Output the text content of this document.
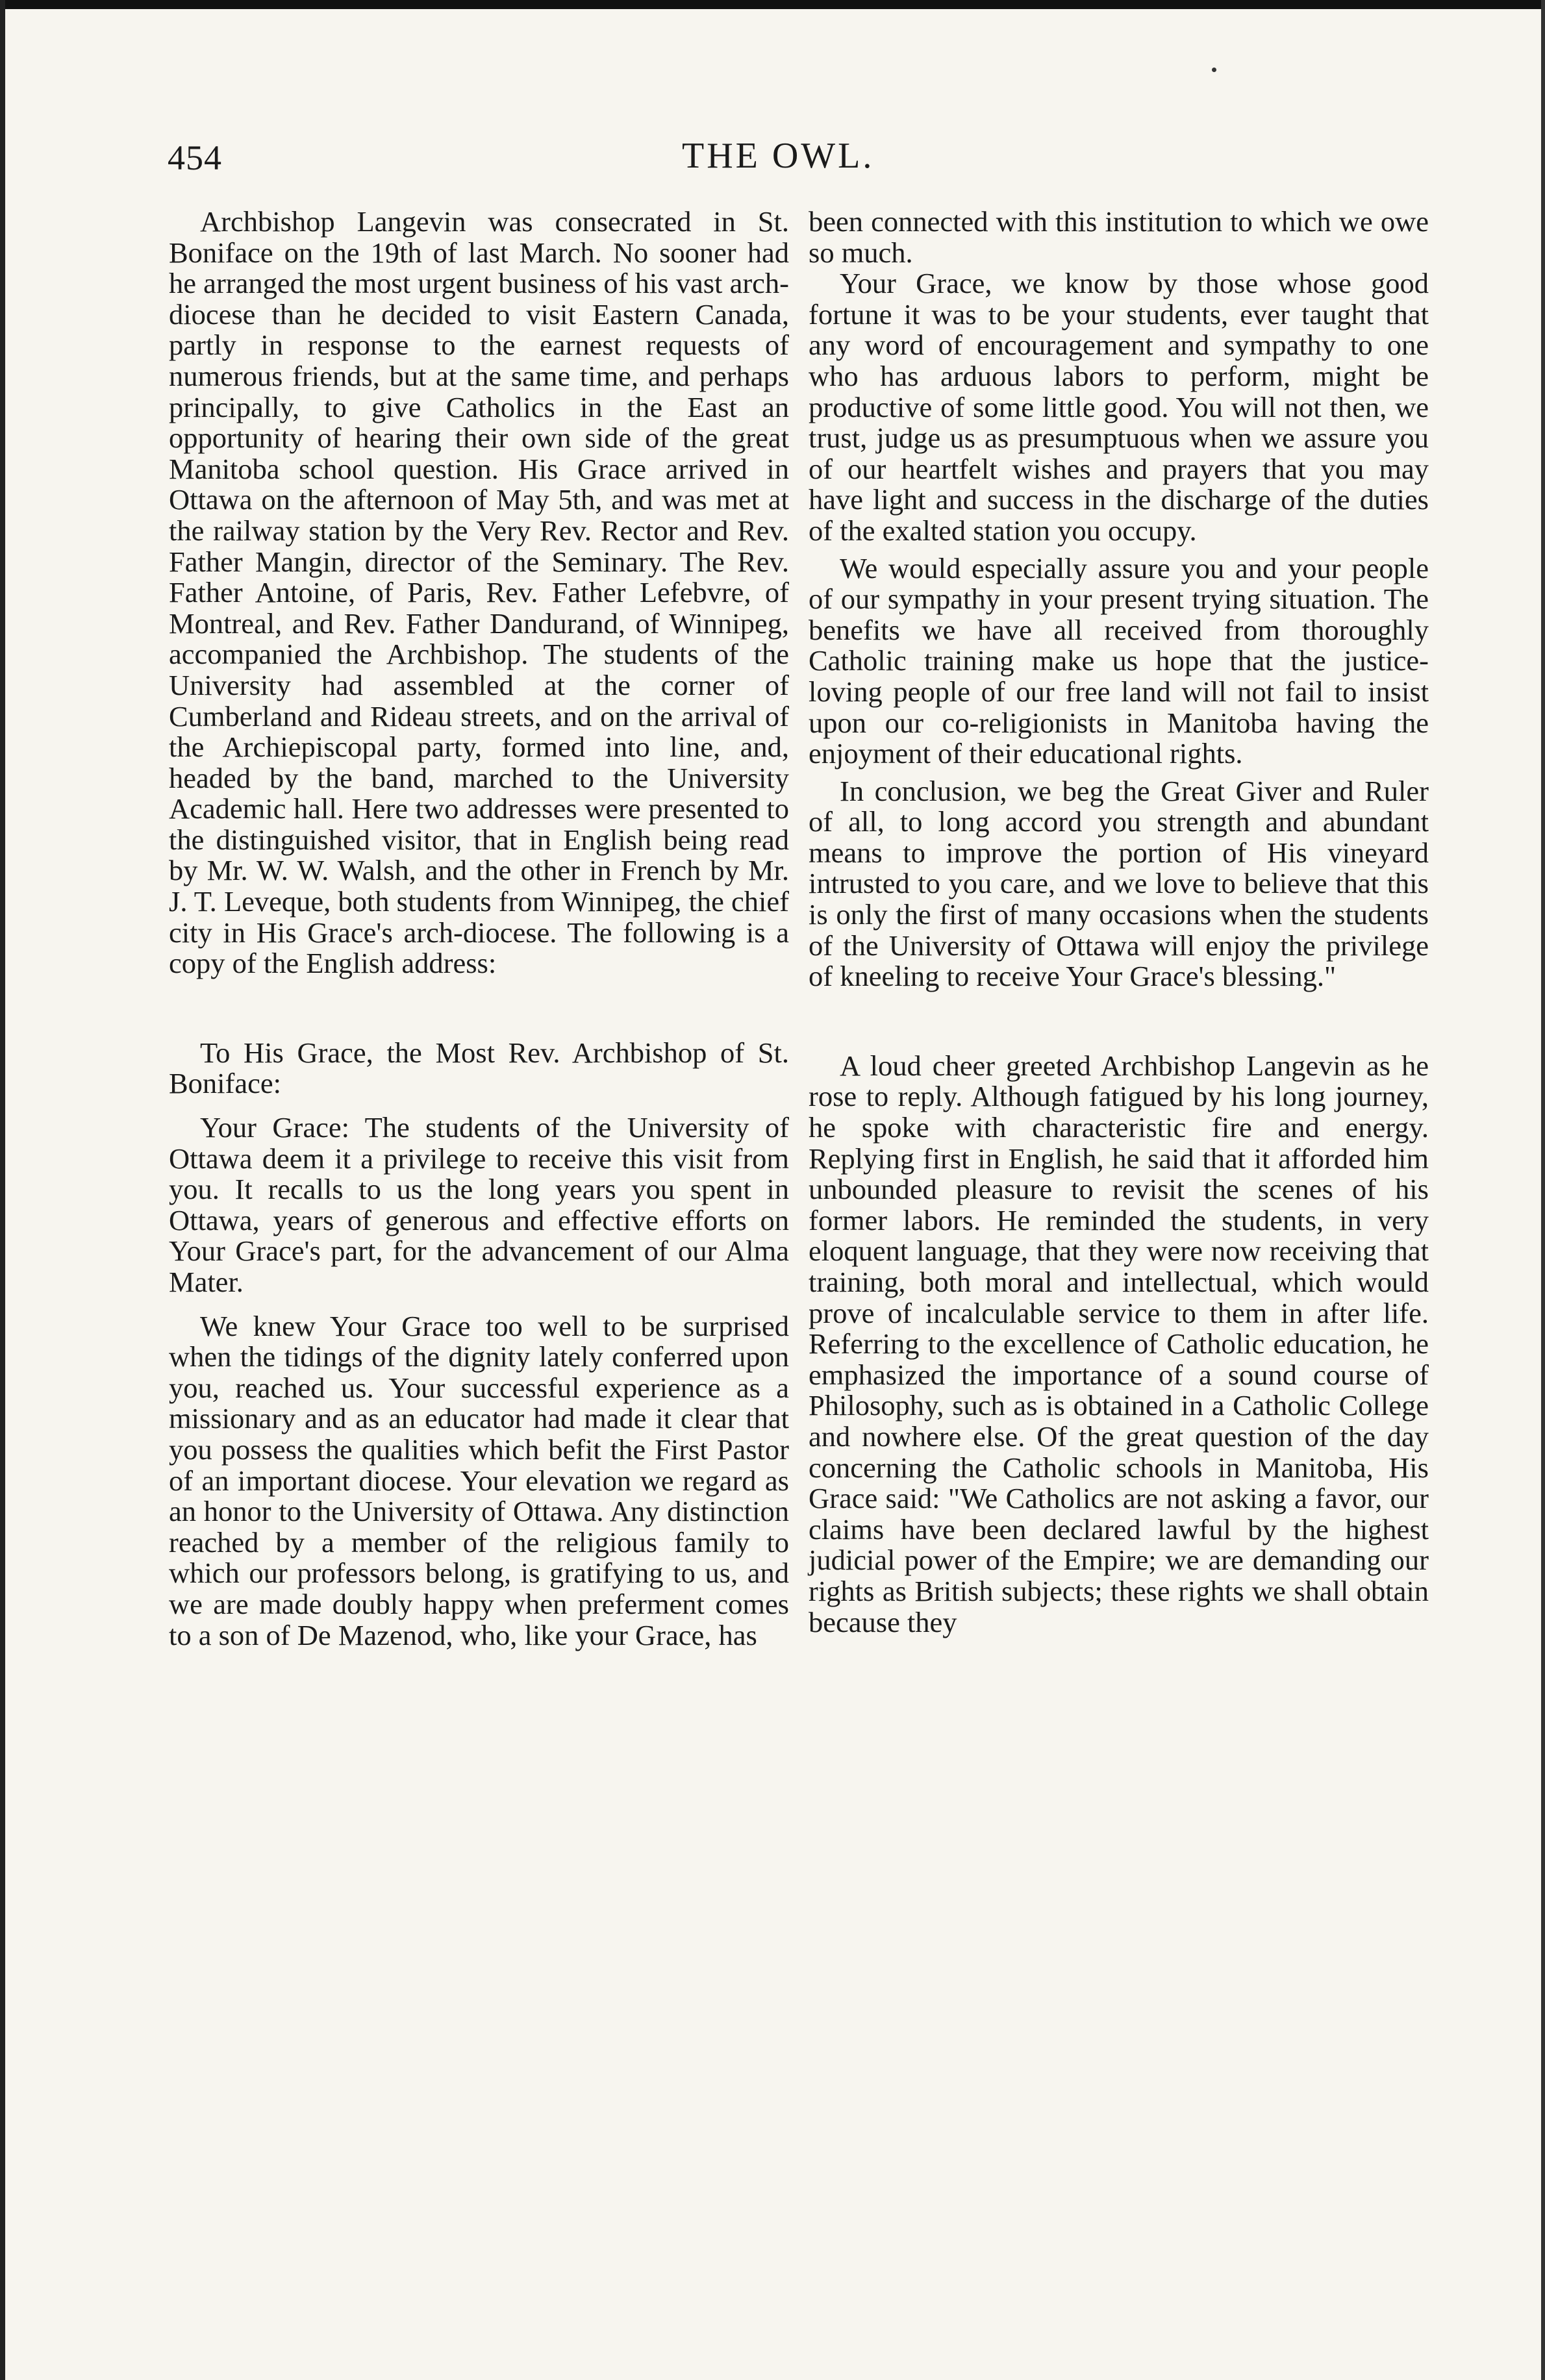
454	THE OWL.

Archbishop Langevin was consecrated in St. Boniface on the 19th of last March. No sooner had he arranged the most urgent business of his vast arch-diocese than he decided to visit Eastern Canada, partly in response to the earnest requests of numerous friends, but at the same time, and perhaps principally, to give Catholics in the East an opportunity of hearing their own side of the great Manitoba school question. His Grace arrived in Ottawa on the afternoon of May 5th, and was met at the railway station by the Very Rev. Rector and Rev. Father Mangin, director of the Seminary. The Rev. Father Antoine, of Paris, Rev. Father Lefebvre, of Montreal, and Rev. Father Dandurand, of Winnipeg, accompanied the Archbishop. The students of the University had assembled at the corner of Cumberland and Rideau streets, and on the arrival of the Archiepiscopal party, formed into line, and, headed by the band, marched to the University Academic hall. Here two addresses were presented to the distinguished visitor, that in English being read by Mr. W. W. Walsh, and the other in French by Mr. J. T. Leveque, both students from Winnipeg, the chief city in His Grace's arch-diocese. The following is a copy of the English address:

To His Grace, the Most Rev. Archbishop of St. Boniface:

Your Grace: The students of the University of Ottawa deem it a privilege to receive this visit from you. It recalls to us the long years you spent in Ottawa, years of generous and effective efforts on Your Grace's part, for the advancement of our Alma Mater.

We knew Your Grace too well to be surprised when the tidings of the dignity lately conferred upon you, reached us. Your successful experience as a missionary and as an educator had made it clear that you possess the qualities which befit the First Pastor of an important diocese. Your elevation we regard as an honor to the University of Ottawa. Any distinction reached by a member of the religious family to which our professors belong, is gratifying to us, and we are made doubly happy when preferment comes to a son of De Mazenod, who, like your Grace, has

been connected with this institution to which we owe so much.

Your Grace, we know by those whose good fortune it was to be your students, ever taught that any word of encouragement and sympathy to one who has arduous labors to perform, might be productive of some little good. You will not then, we trust, judge us as presumptuous when we assure you of our heartfelt wishes and prayers that you may have light and success in the discharge of the duties of the exalted station you occupy.

We would especially assure you and your people of our sympathy in your present trying situation. The benefits we have all received from thoroughly Catholic training make us hope that the justice-loving people of our free land will not fail to insist upon our co-religionists in Manitoba having the enjoyment of their educational rights.

In conclusion, we beg the Great Giver and Ruler of all, to long accord you strength and abundant means to improve the portion of His vineyard intrusted to you care, and we love to believe that this is only the first of many occasions when the students of the University of Ottawa will enjoy the privilege of kneeling to receive Your Grace's blessing."

A loud cheer greeted Archbishop Langevin as he rose to reply. Although fatigued by his long journey, he spoke with characteristic fire and energy. Replying first in English, he said that it afforded him unbounded pleasure to revisit the scenes of his former labors. He reminded the students, in very eloquent language, that they were now receiving that training, both moral and intellectual, which would prove of incalculable service to them in after life. Referring to the excellence of Catholic education, he emphasized the importance of a sound course of Philosophy, such as is obtained in a Catholic College and nowhere else. Of the great question of the day concerning the Catholic schools in Manitoba, His Grace said: "We Catholics are not asking a favor, our claims have been declared lawful by the highest judicial power of the Empire; we are demanding our rights as British subjects; these rights we shall obtain because they
